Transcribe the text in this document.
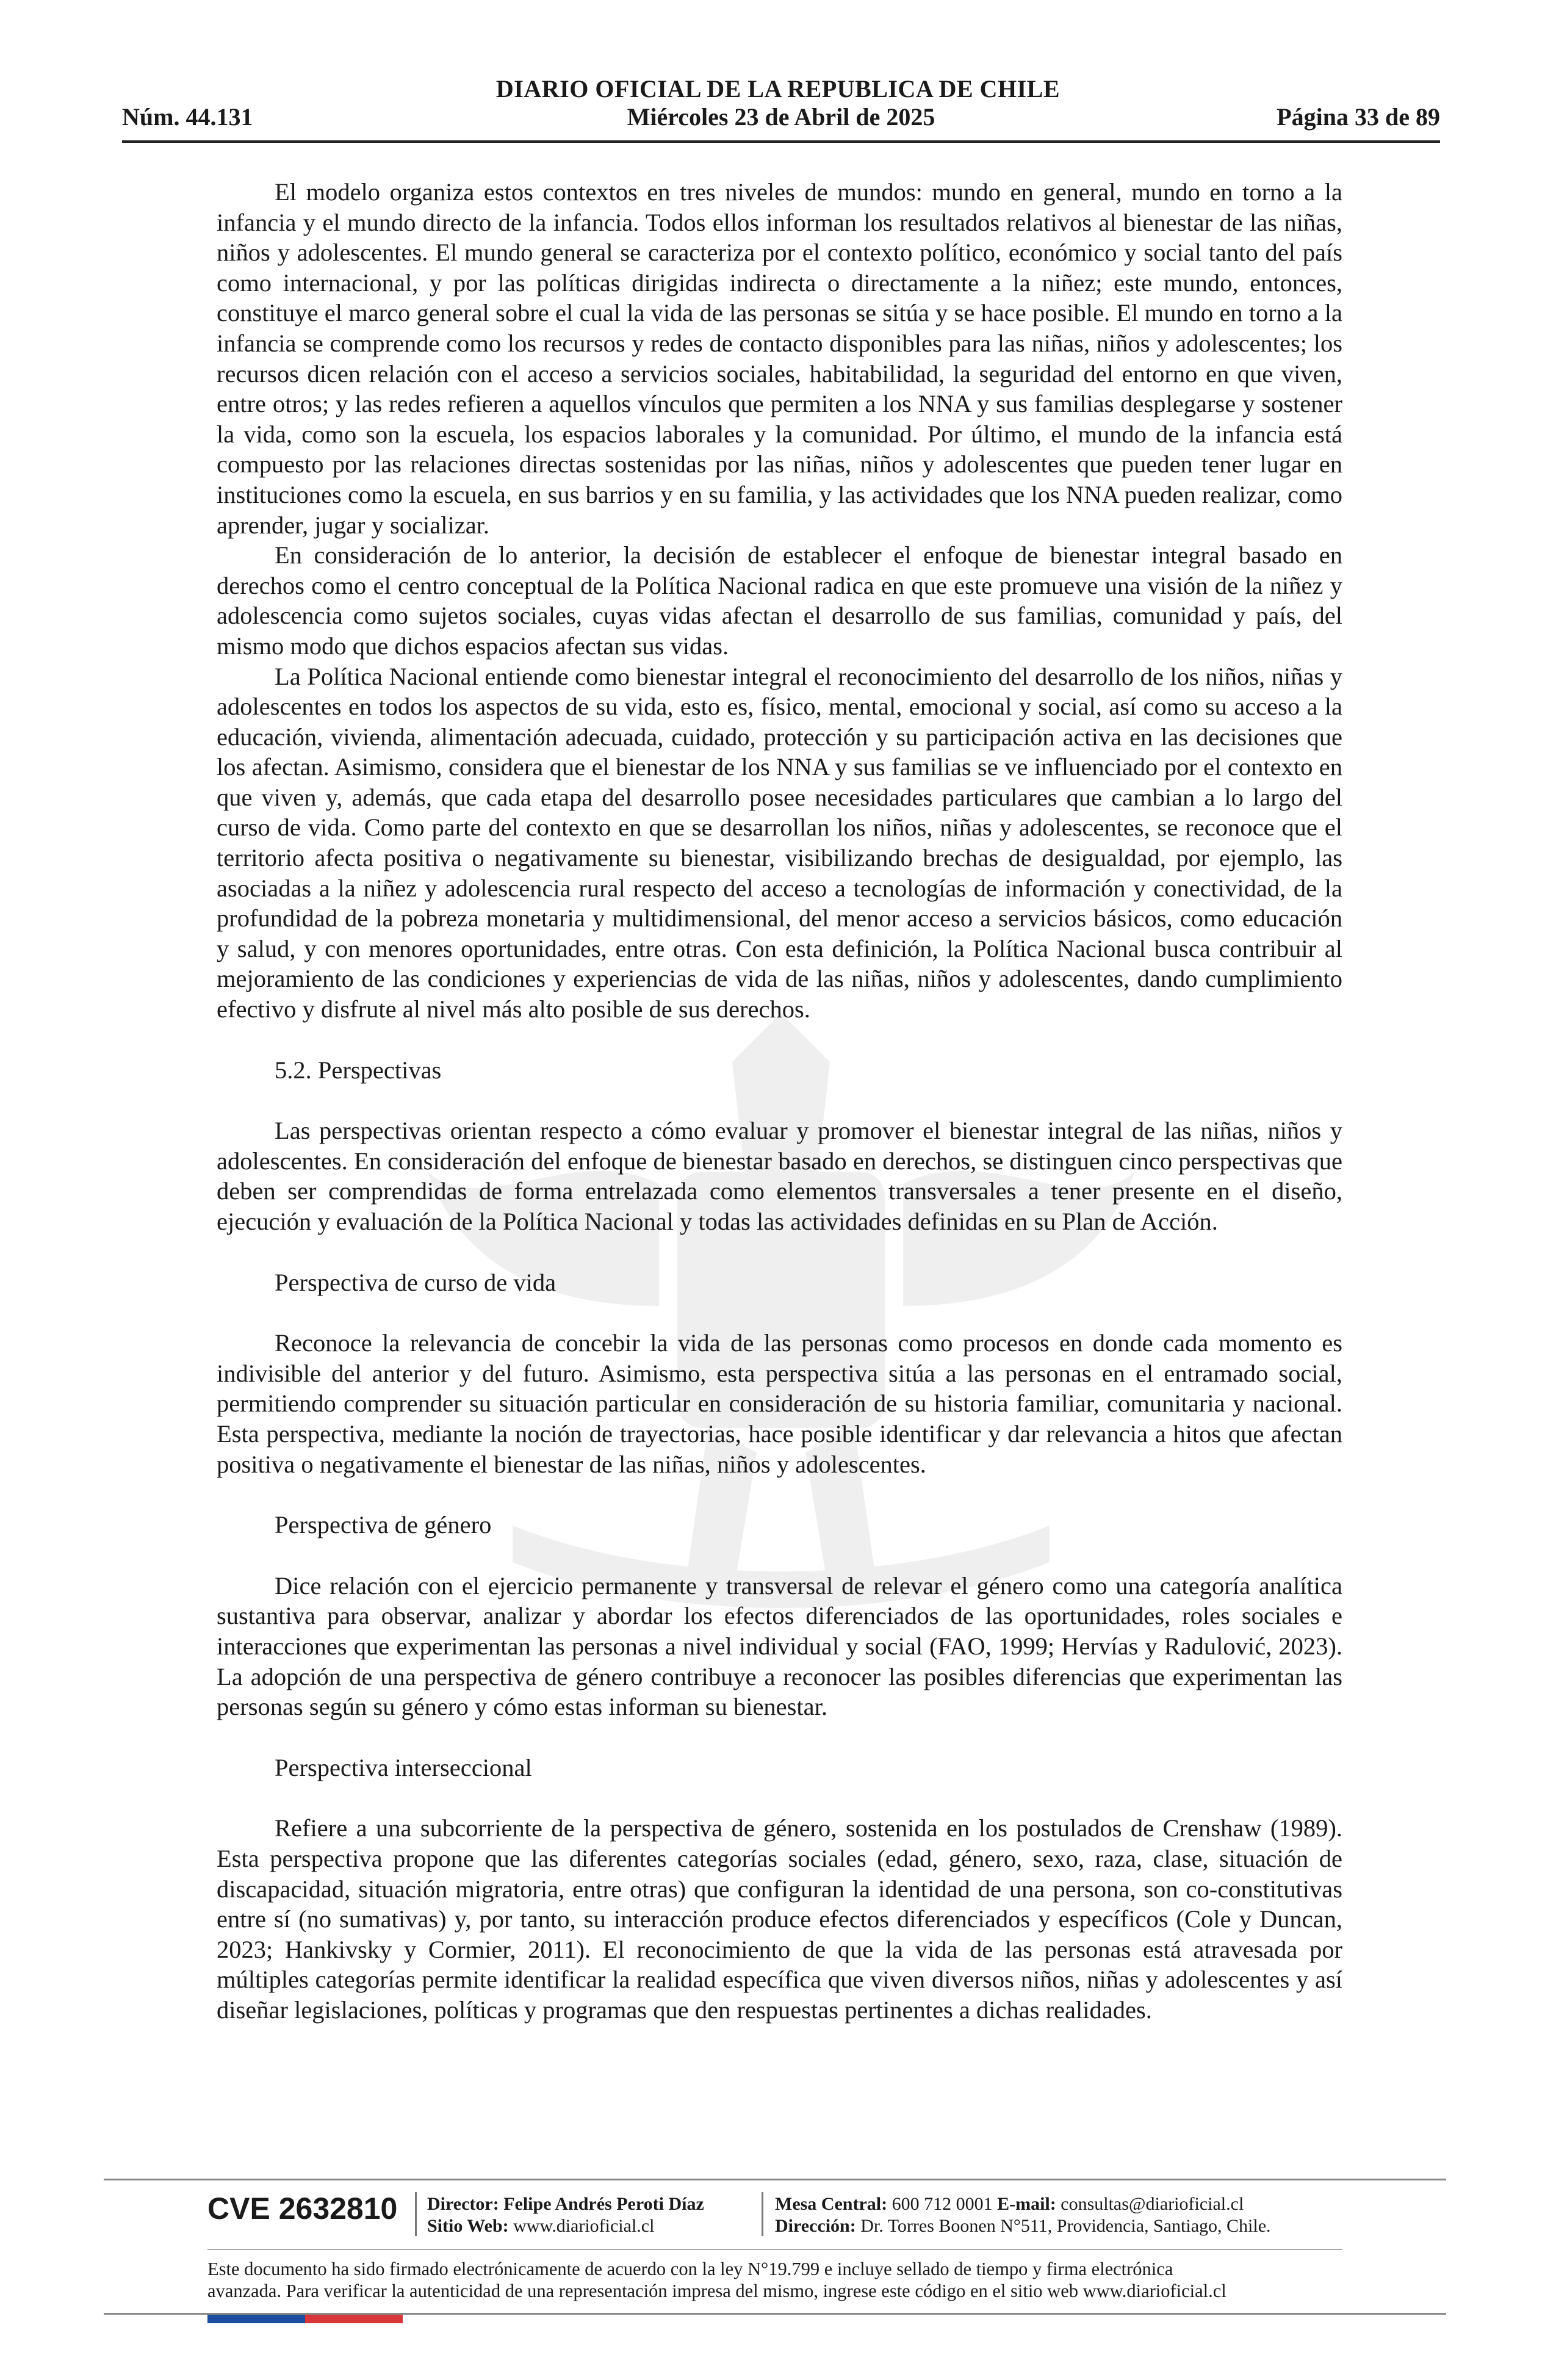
DIARIO OFICIAL DE LA REPUBLICA DE CHILE
Núm. 44.131	Miércoles 23 de Abril de 2025	Página 33 de 89

El modelo organiza estos contextos en tres niveles de mundos: mundo en general, mundo en torno a la infancia y el mundo directo de la infancia. Todos ellos informan los resultados relativos al bienestar de las niñas, niños y adolescentes. El mundo general se caracteriza por el contexto político, económico y social tanto del país como internacional, y por las políticas dirigidas indirecta o directamente a la niñez; este mundo, entonces, constituye el marco general sobre el cual la vida de las personas se sitúa y se hace posible. El mundo en torno a la infancia se comprende como los recursos y redes de contacto disponibles para las niñas, niños y adolescentes; los recursos dicen relación con el acceso a servicios sociales, habitabilidad, la seguridad del entorno en que viven, entre otros; y las redes refieren a aquellos vínculos que permiten a los NNA y sus familias desplegarse y sostener la vida, como son la escuela, los espacios laborales y la comunidad. Por último, el mundo de la infancia está compuesto por las relaciones directas sostenidas por las niñas, niños y adolescentes que pueden tener lugar en instituciones como la escuela, en sus barrios y en su familia, y las actividades que los NNA pueden realizar, como aprender, jugar y socializar.

En consideración de lo anterior, la decisión de establecer el enfoque de bienestar integral basado en derechos como el centro conceptual de la Política Nacional radica en que este promueve una visión de la niñez y adolescencia como sujetos sociales, cuyas vidas afectan el desarrollo de sus familias, comunidad y país, del mismo modo que dichos espacios afectan sus vidas.

La Política Nacional entiende como bienestar integral el reconocimiento del desarrollo de los niños, niñas y adolescentes en todos los aspectos de su vida, esto es, físico, mental, emocional y social, así como su acceso a la educación, vivienda, alimentación adecuada, cuidado, protección y su participación activa en las decisiones que los afectan. Asimismo, considera que el bienestar de los NNA y sus familias se ve influenciado por el contexto en que viven y, además, que cada etapa del desarrollo posee necesidades particulares que cambian a lo largo del curso de vida. Como parte del contexto en que se desarrollan los niños, niñas y adolescentes, se reconoce que el territorio afecta positiva o negativamente su bienestar, visibilizando brechas de desigualdad, por ejemplo, las asociadas a la niñez y adolescencia rural respecto del acceso a tecnologías de información y conectividad, de la profundidad de la pobreza monetaria y multidimensional, del menor acceso a servicios básicos, como educación y salud, y con menores oportunidades, entre otras. Con esta definición, la Política Nacional busca contribuir al mejoramiento de las condiciones y experiencias de vida de las niñas, niños y adolescentes, dando cumplimiento efectivo y disfrute al nivel más alto posible de sus derechos.

5.2. Perspectivas

Las perspectivas orientan respecto a cómo evaluar y promover el bienestar integral de las niñas, niños y adolescentes. En consideración del enfoque de bienestar basado en derechos, se distinguen cinco perspectivas que deben ser comprendidas de forma entrelazada como elementos transversales a tener presente en el diseño, ejecución y evaluación de la Política Nacional y todas las actividades definidas en su Plan de Acción.

Perspectiva de curso de vida

Reconoce la relevancia de concebir la vida de las personas como procesos en donde cada momento es indivisible del anterior y del futuro. Asimismo, esta perspectiva sitúa a las personas en el entramado social, permitiendo comprender su situación particular en consideración de su historia familiar, comunitaria y nacional. Esta perspectiva, mediante la noción de trayectorias, hace posible identificar y dar relevancia a hitos que afectan positiva o negativamente el bienestar de las niñas, niños y adolescentes.

Perspectiva de género

Dice relación con el ejercicio permanente y transversal de relevar el género como una categoría analítica sustantiva para observar, analizar y abordar los efectos diferenciados de las oportunidades, roles sociales e interacciones que experimentan las personas a nivel individual y social (FAO, 1999; Hervías y Radulović, 2023). La adopción de una perspectiva de género contribuye a reconocer las posibles diferencias que experimentan las personas según su género y cómo estas informan su bienestar.

Perspectiva interseccional

Refiere a una subcorriente de la perspectiva de género, sostenida en los postulados de Crenshaw (1989). Esta perspectiva propone que las diferentes categorías sociales (edad, género, sexo, raza, clase, situación de discapacidad, situación migratoria, entre otras) que configuran la identidad de una persona, son co-constitutivas entre sí (no sumativas) y, por tanto, su interacción produce efectos diferenciados y específicos (Cole y Duncan, 2023; Hankivsky y Cormier, 2011). El reconocimiento de que la vida de las personas está atravesada por múltiples categorías permite identificar la realidad específica que viven diversos niños, niñas y adolescentes y así diseñar legislaciones, políticas y programas que den respuestas pertinentes a dichas realidades.

CVE 2632810 Director: Felipe Andrés Peroti Díaz
Sitio Web: www.diarioficial.cl
Mesa Central: 600 712 0001 E-mail: consultas@diarioficial.cl
Dirección: Dr. Torres Boonen N°511, Providencia, Santiago, Chile.
Este documento ha sido firmado electrónicamente de acuerdo con la ley N°19.799 e incluye sellado de tiempo y firma electrónica
avanzada. Para verificar la autenticidad de una representación impresa del mismo, ingrese este código en el sitio web www.diarioficial.cl
